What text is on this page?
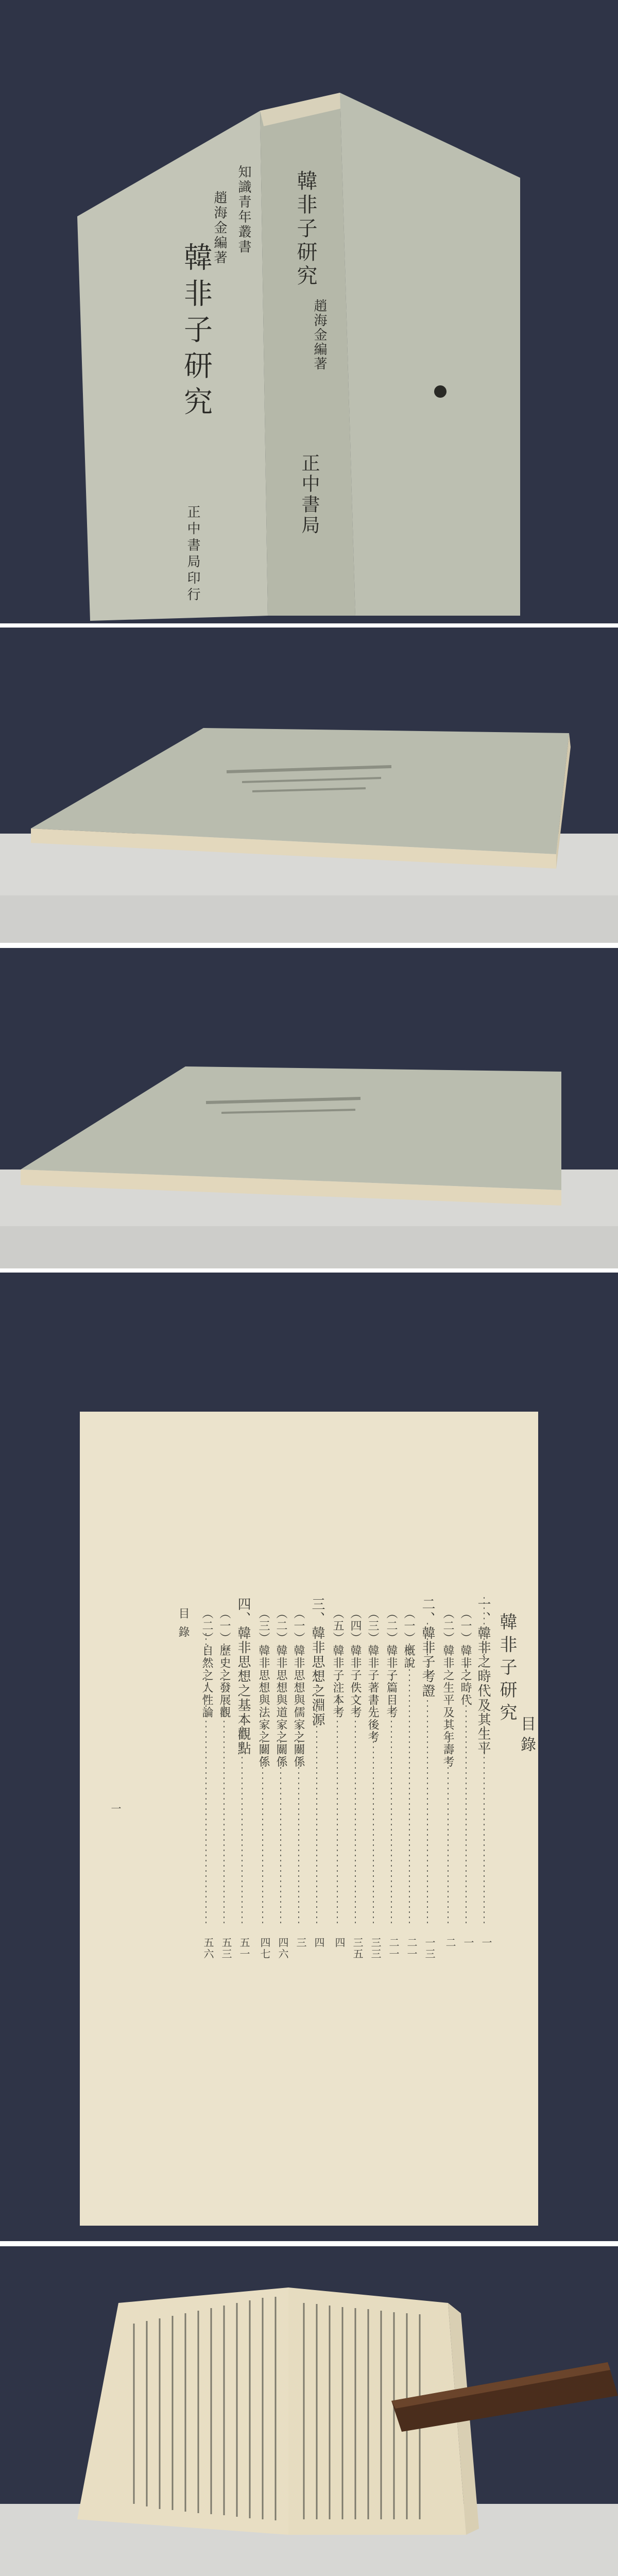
知識青年叢書
韓非子研究
趙海金編著
正中書局印行
韓非子研究
趙海金編著
正中書局
韓非子研究
目錄
一、韓非之時代及其生平
（一）韓非之時代
（二）韓非之生平及其年壽考
二、韓非子考證
（一）概說
（二）韓非子篇目考
（三）韓非子著書先後考
（四）韓非子佚文考
（五）韓非子注本考
三、韓非思想之淵源
（一）韓非思想與儒家之關係
（二）韓非思想與道家之關係
（三）韓非思想與法家之關係
四、韓非思想之基本觀點
（一）歷史之發展觀
（二）自然之人性論
目錄
一
一
二
一三
二一
二一
三三
三五
四
四
三
四六
四七
五一
五三
五六
一
